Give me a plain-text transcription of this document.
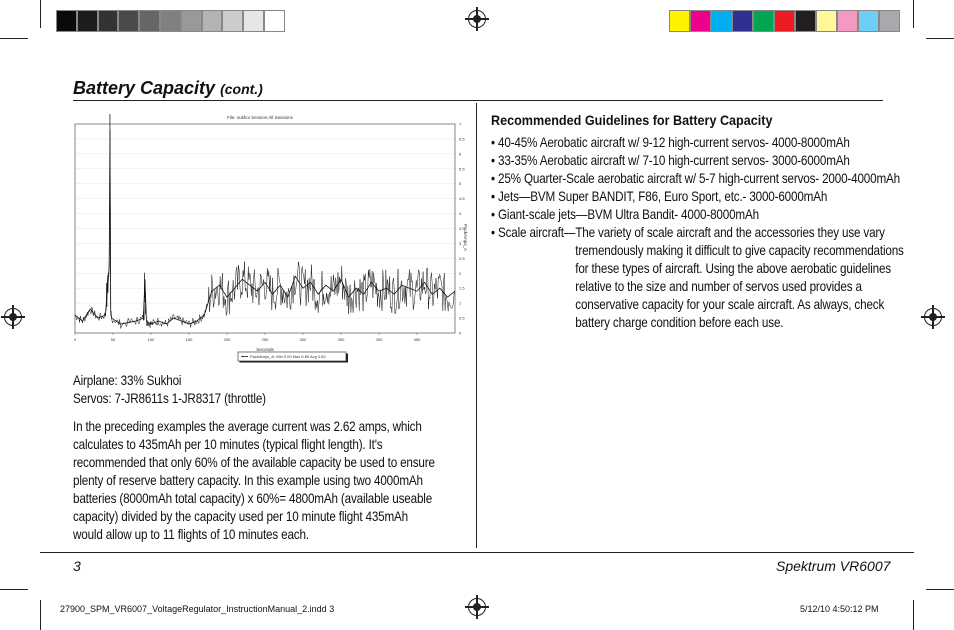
Battery Capacity (cont.)
File: sukhoi Session:All Sessions
0	50	100	150	200	250	300	350	400	450
0
0.5
1
1.5
2
2.5
3
3.5
4
4.5
5
5.5
6
6.5
7
Seconds
PackAmps_A
PackAmps_A: Min 0.00 Max 6.80 Avg 0.82
Airplane: 33% Sukhoi
Servos: 7-JR8611s 1-JR8317 (throttle)
In the preceding examples the average current was 2.62 amps, which
calculates to 435mAh per 10 minutes (typical flight length). It's
recommended that only 60% of the available capacity be used to ensure
plenty of reserve battery capacity. In this example using two 4000mAh
batteries (8000mAh total capacity) x 60%= 4800mAh (available useable
capacity) divided by the capacity used per 10 minute flight 435mAh
would allow up to 11 flights of 10 minutes each.
Recommended Guidelines for Battery Capacity
• 40-45% Aerobatic aircraft w/ 9-12 high-current servos- 4000-8000mAh
• 33-35% Aerobatic aircraft w/ 7-10 high-current servos- 3000-6000mAh
• 25% Quarter-Scale aerobatic aircraft w/ 5-7 high-current servos- 2000-4000mAh
• Jets—BVM Super BANDIT, F86, Euro Sport, etc.- 3000-6000mAh
• Giant-scale jets—BVM Ultra Bandit- 4000-8000mAh
• Scale aircraft—The variety of scale aircraft and the accessories they use vary
tremendously making it difficult to give capacity recommendations
for these types of aircraft. Using the above aerobatic guidelines
relative to the size and number of servos used provides a
conservative capacity for your scale aircraft. As always, check
battery charge condition before each use.
3	Spektrum VR6007
27900_SPM_VR6007_VoltageRegulator_InstructionManual_2.indd 3	5/12/10 4:50:12 PM
